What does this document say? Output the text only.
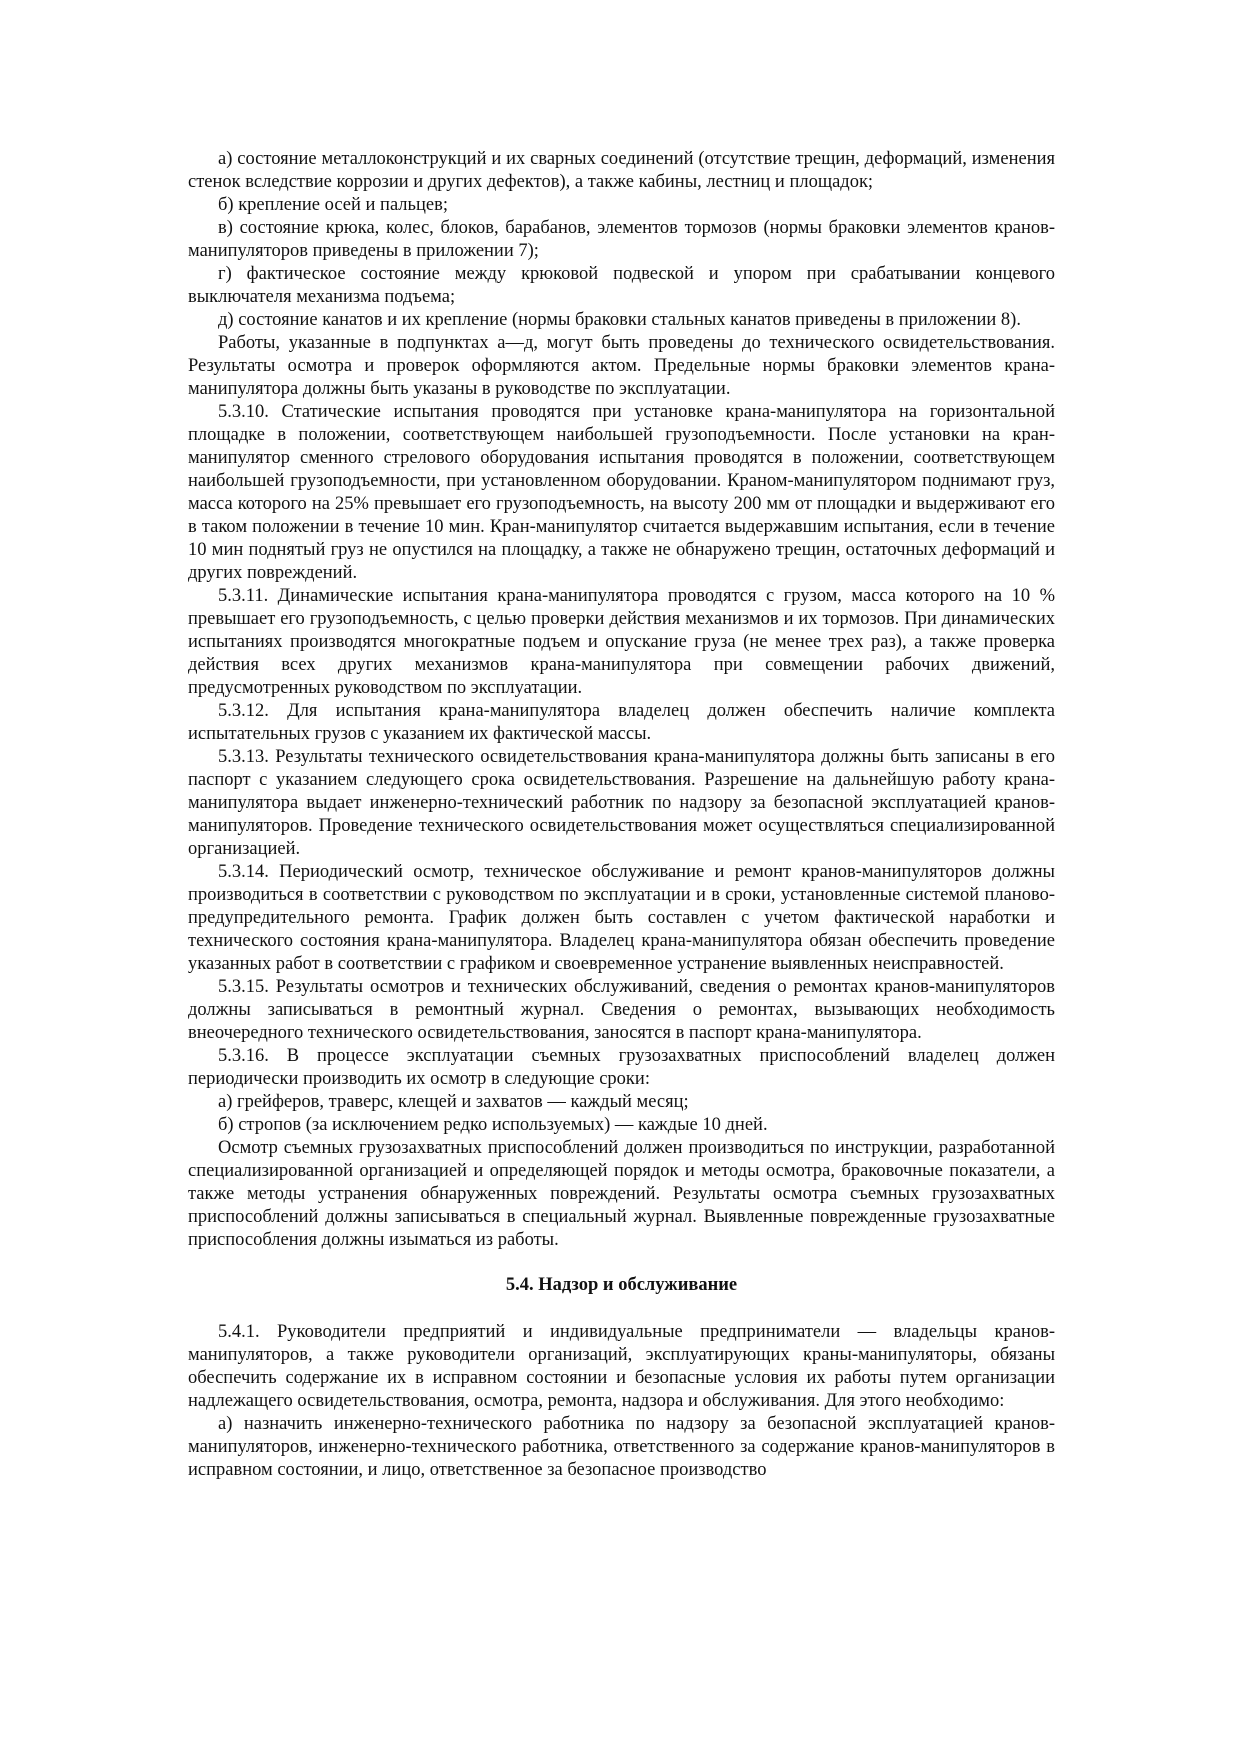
а) состояние металлоконструкций и их сварных соединений (отсутствие трещин, деформаций, изменения стенок вследствие коррозии и других дефектов), а также кабины, лестниц и площадок;

б) крепление осей и пальцев;

в) состояние крюка, колес, блоков, барабанов, элементов тормозов (нормы браковки элементов кранов-манипуляторов приведены в приложении 7);

г) фактическое состояние между крюковой подвеской и упором при срабатывании концевого выключателя механизма подъема;

д) состояние канатов и их крепление (нормы браковки стальных канатов приведены в приложении 8).

Работы, указанные в подпунктах а—д, могут быть проведены до технического освидетельствования. Результаты осмотра и проверок оформляются актом. Предельные нормы браковки элементов крана-манипулятора должны быть указаны в руководстве по эксплуатации.

5.3.10. Статические испытания проводятся при установке крана-манипулятора на горизонтальной площадке в положении, соответствующем наибольшей грузоподъемности. После установки на кран-манипулятор сменного стрелового оборудования испытания проводятся в положении, соответствующем наибольшей грузоподъемности, при установленном оборудовании. Краном-манипулятором поднимают груз, масса которого на 25% превышает его грузоподъемность, на высоту 200 мм от площадки и выдерживают его в таком положении в течение 10 мин. Кран-манипулятор считается выдержавшим испытания, если в течение 10 мин поднятый груз не опустился на площадку, а также не обнаружено трещин, остаточных деформаций и других повреждений.

5.3.11. Динамические испытания крана-манипулятора проводятся с грузом, масса которого на 10 % превышает его грузоподъемность, с целью проверки действия механизмов и их тормозов. При динамических испытаниях производятся многократные подъем и опускание груза (не менее трех раз), а также проверка действия всех других механизмов крана-манипулятора при совмещении рабочих движений, предусмотренных руководством по эксплуатации.

5.3.12. Для испытания крана-манипулятора владелец должен обеспечить наличие комплекта испытательных грузов с указанием их фактической массы.

5.3.13. Результаты технического освидетельствования крана-манипулятора должны быть записаны в его паспорт с указанием следующего срока освидетельствования. Разрешение на дальнейшую работу крана-манипулятора выдает инженерно-технический работник по надзору за безопасной эксплуатацией кранов-манипуляторов. Проведение технического освидетельствования может осуществляться специализированной организацией.

5.3.14. Периодический осмотр, техническое обслуживание и ремонт кранов-манипуляторов должны производиться в соответствии с руководством по эксплуатации и в сроки, установленные системой планово-предупредительного ремонта. График должен быть составлен с учетом фактической наработки и технического состояния крана-манипулятора. Владелец крана-манипулятора обязан обеспечить проведение указанных работ в соответствии с графиком и своевременное устранение выявленных неисправностей.

5.3.15. Результаты осмотров и технических обслуживаний, сведения о ремонтах кранов-манипуляторов должны записываться в ремонтный журнал. Сведения о ремонтах, вызывающих необходимость внеочередного технического освидетельствования, заносятся в паспорт крана-манипулятора.

5.3.16. В процессе эксплуатации съемных грузозахватных приспособлений владелец должен периодически производить их осмотр в следующие сроки:

а) грейферов, траверс, клещей и захватов — каждый месяц;

б) стропов (за исключением редко используемых) — каждые 10 дней.

Осмотр съемных грузозахватных приспособлений должен производиться по инструкции, разработанной специализированной организацией и определяющей порядок и методы осмотра, браковочные показатели, а также методы устранения обнаруженных повреждений. Результаты осмотра съемных грузозахватных приспособлений должны записываться в специальный журнал. Выявленные поврежденные грузозахватные приспособления должны изыматься из работы.

5.4. Надзор и обслуживание

5.4.1. Руководители предприятий и индивидуальные предприниматели — владельцы кранов-манипуляторов, а также руководители организаций, эксплуатирующих краны-манипуляторы, обязаны обеспечить содержание их в исправном состоянии и безопасные условия их работы путем организации надлежащего освидетельствования, осмотра, ремонта, надзора и обслуживания. Для этого необходимо:

а) назначить инженерно-технического работника по надзору за безопасной эксплуатацией кранов-манипуляторов, инженерно-технического работника, ответственного за содержание кранов-манипуляторов в исправном состоянии, и лицо, ответственное за безопасное производство
